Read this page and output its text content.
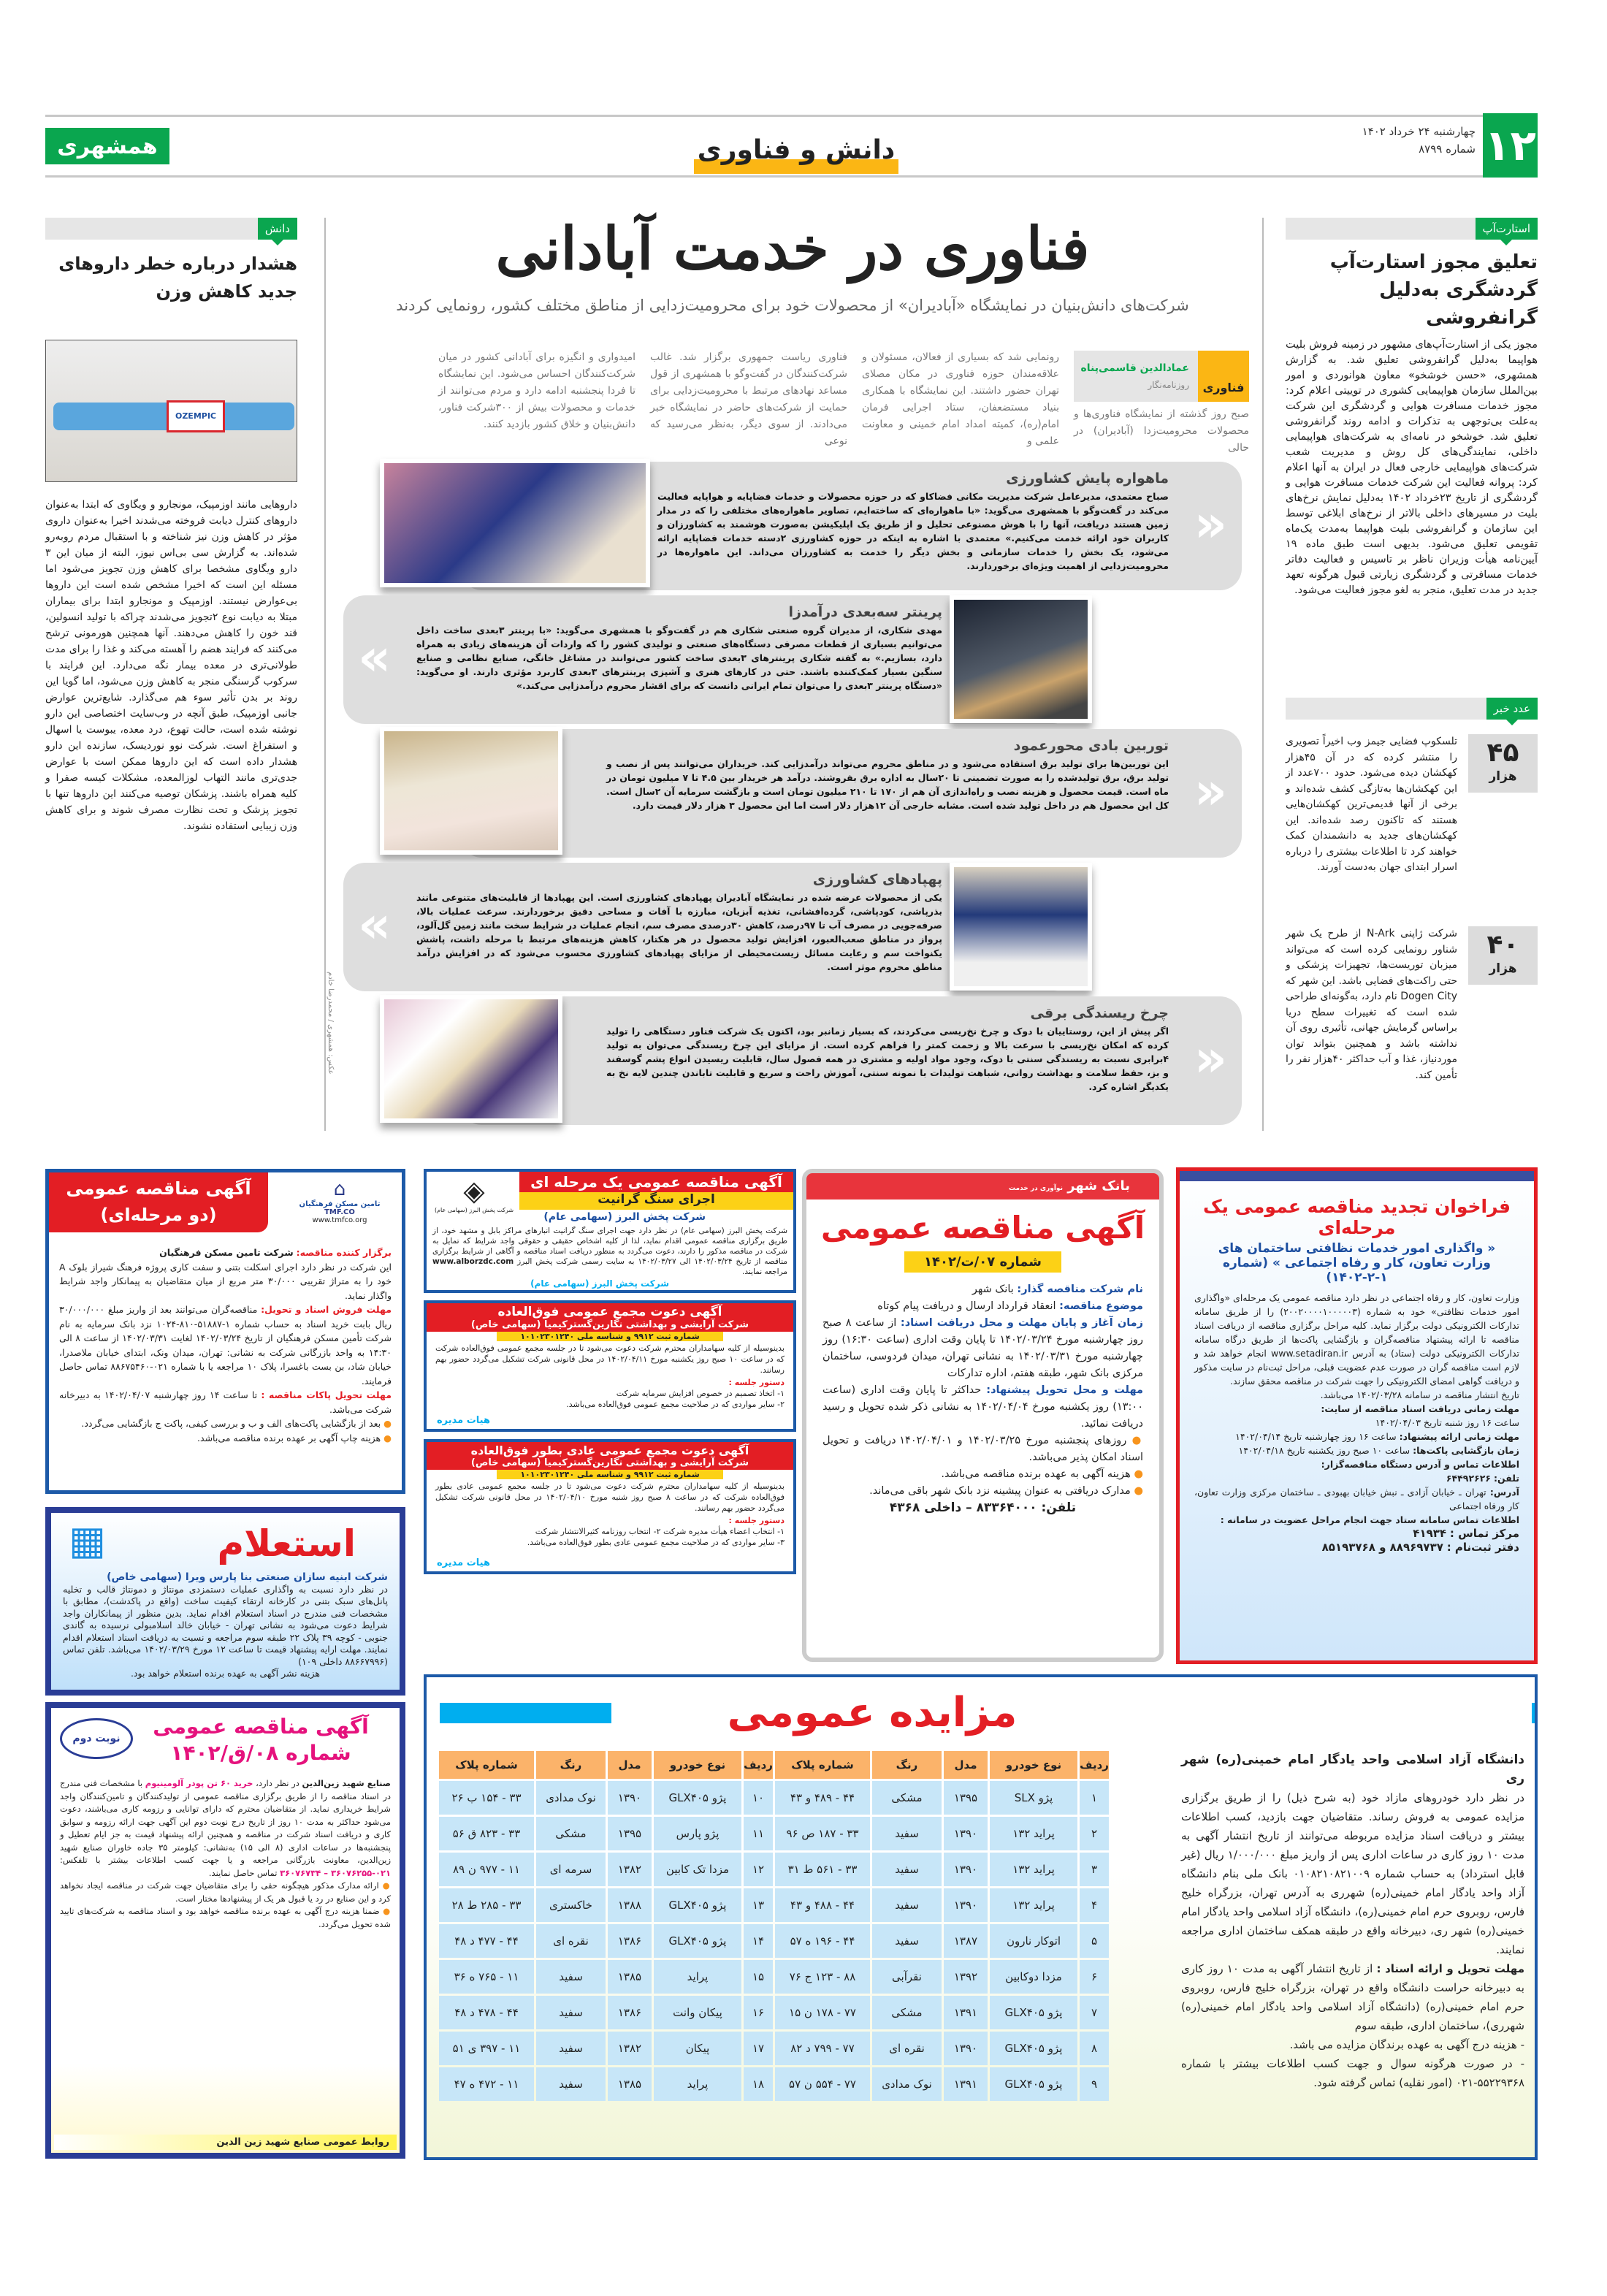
۱۲
چهارشنبه ۲۴ خرداد ۱۴۰۲
شماره ۸۷۹۹
همشهری	دانش و فناوری
استارت‌آپ
تعلیق مجوز استارت‌آپ گردشگری به‌دلیل گرانفروشی
مجوز یکی از استارت‌آپ‌های مشهور در زمینه فروش بلیت هواپیما به‌دلیل گرانفروشی تعلیق شد. به گزارش همشهری، «حسن خوشخو» معاون هوانوردی و امور بین‌الملل سازمان هواپیمایی کشوری در توییتی اعلام کرد: مجوز خدمات مسافرت هوایی و گردشگری این شرکت به‌علت بی‌توجهی به تذکرات و ادامه روند گرانفروشی تعلیق شد. خوشخو در نامه‌ای به شرکت‌های هواپیمایی داخلی، نمایندگی‌های کل روش و مدیریت شعب شرکت‌های هواپیمایی خارجی فعال در ایران به آنها اعلام کرد: پروانه فعالیت این شرکت خدمات مسافرت هوایی و گردشگری از تاریخ ۲۳خرداد ۱۴۰۲ به‌دلیل نمایش نرخ‌های بلیت در مسیرهای داخلی بالاتر از نرخ‌های ابلاغی توسط این سازمان و گرانفروشی بلیت هواپیما به‌مدت یک‌ماه تقویمی تعلیق می‌شود. بدیهی است طبق ماده ۱۹ آیین‌نامه هیأت وزیران ناظر بر تاسیس و فعالیت دفاتر خدمات مسافرتی و گردشگری زیارتی قبول هرگونه تعهد جدید در مدت تعلیق، منجر به لغو مجوز فعالیت می‌شود.
عدد خبر
۴۵
هزار
تلسکوپ فضایی جیمز وب اخیراً تصویری را منتشر کرده که در آن ۴۵هزار کهکشان دیده می‌شود. حدود ۷۰۰عدد از این کهکشان‌ها به‌تازگی کشف شده‌اند و برخی از آنها قدیمی‌ترین کهکشان‌هایی هستند که تاکنون رصد شده‌اند. این کهکشان‌های جدید به دانشمندان کمک خواهند کرد تا اطلاعات بیشتری را درباره اسرار ابتدای جهان به‌دست آورند.
۴۰
هزار
شرکت ژاپنی N-Ark از طرح یک شهر شناور رونمایی کرده است که می‌تواند میزبان توریست‌ها، تجهیزات پزشکی و حتی راکت‌های فضایی باشد. این شهر که Dogen City نام دارد، به‌گونه‌ای طراحی شده است که تغییرات سطح دریا براساس گرمایش جهانی، تأثیری روی آن نداشته باشد و همچنین بتواند توان موردنیاز، غذا و آب حداکثر ۴۰هزار نفر را تأمین کند.
فناوری در خدمت آبادانی
شرکت‌های دانش‌بنیان در نمایشگاه «آبادیران» از محصولات خود برای محرومیت‌زدایی از مناطق مختلف کشور، رونمایی کردند
فناوری
عمادالدین قاسمی‌پناه
روزنامه‌نگار
صبح روز گذشته از نمایشگاه فناوری‌ها و محصولات محرومیت‌زدا (آبادیران) در حالی
رونمایی شد که بسیاری از فعالان، مسئولان و علاقه‌مندان حوزه فناوری در مکان مصلای تهران حضور داشتند. این نمایشگاه با همکاری بنیاد مستضعفان، ستاد اجرایی فرمان امام(ره)، کمیته امداد امام خمینی و معاونت علمی و
فناوری ریاست جمهوری برگزار شد. غالب شرکت‌کنندگان در گفت‌وگو با همشهری از قول مساعد نهادهای مرتبط با محرومیت‌زدایی برای حمایت از شرکت‌های حاضر در نمایشگاه خبر می‌دادند. از سوی دیگر، به‌نظر می‌رسید که نوعی
امیدواری و انگیزه برای آبادانی کشور در میان شرکت‌کنندگان احساس می‌شود. این نمایشگاه تا فردا پنجشنبه ادامه دارد و مردم می‌توانند از خدمات و محصولات بیش از ۳۰۰شرکت فناور، دانش‌بنیان و خلاق کشور بازدید کنند.
«
ماهواره پایش کشاورزی
صباح معتمدی، مدیرعامل شرکت مدیریت مکانی فضاکاو که در حوزه محصولات و خدمات فضاپایه و هواپایه فعالیت می‌کند در گفت‌وگو با همشهری می‌گوید: «با ماهواره‌ای که ساخته‌ایم، تصاویر ماهواره‌های مختلفی را که در مدار زمین هستند دریافت، آنها را با هوش مصنوعی تحلیل و از طریق یک اپلیکیشن به‌صورت هوشمند به کشاورزان و کاربران خود ارائه خدمت می‌کنیم.» معتمدی با اشاره به اینکه در حوزه کشاورزی ۲دسته خدمات فضاپایه ارائه می‌شود، یک بخش را خدمات سازمانی و بخش دیگر را خدمت به کشاورزان می‌داند. این ماهواره‌ها در محرومیت‌زدایی از اهمیت ویژه‌ای برخوردارند.
»
پرینتر سه‌بعدی درآمدزا
مهدی شکاری، از مدیران گروه صنعتی شکاری هم در گفت‌وگو با همشهری می‌گوید: «با پرینتر ۳بعدی ساخت داخل می‌توانیم بسیاری از قطعات مصرفی دستگاه‌های صنعتی و تولیدی کشور را که واردات آن هزینه‌های زیادی به همراه دارد، بسازیم.» به گفته شکاری پرینترهای ۳بعدی ساخت کشور می‌توانند در مشاغل خانگی، صنایع نظامی و صنایع سنگین بسیار کمک‌کننده باشند. حتی در کارهای هنری و آشپزی پرینترهای ۳بعدی کاربرد مؤثری دارند. او می‌گوید: «دستگاه پرینتر ۳بعدی را می‌توان تمام ایرانی دانست که برای اقشار محروم درآمدزایی می‌کند.»
«
توربین بادی محورعمود
این توربین‌ها برای تولید برق استفاده می‌شود و در مناطق محروم می‌تواند درآمدزایی کند. خریداران می‌توانند پس از نصب و تولید برق، برق تولیدشده را به صورت تضمینی تا ۲۰سال به اداره برق بفروشند. درآمد هر خریدار بین ۴.۵ تا ۷ میلیون تومان در ماه است. قیمت محصول و هزینه نصب و راه‌اندازی آن هم از ۱۷۰ تا ۲۱۰ میلیون تومان است و بازگشت سرمایه آن ۲سال است. کل این محصول هم در داخل تولید شده است. مشابه خارجی آن ۱۲هزار دلار است اما این محصول ۳ هزار دلار قیمت دارد.
»
پهپادهای کشاورزی
یکی از محصولات عرضه شده در نمایشگاه آبادیران پهپادهای کشاورزی است. این پهپادها از قابلیت‌های متنوعی مانند بذرپاشی، کودپاشی، گرده‌افشانی، تغذیه آبزیان، مبارزه با آفات و مساحی دقیق برخوردارند. سرعت عملیات بالا، صرفه‌جویی در مصرف آب تا ۹۷درصد، کاهش ۳۰درصدی مصرف سم، انجام عملیات در شرایط سخت مانند زمین گل‌آلود، پرواز در مناطق صعب‌العبور، افزایش تولید محصول در هر هکتار، کاهش هزینه‌های مرتبط با مرحله داشت، پاشش یکنواخت سم و رعایت مسائل زیست‌محیطی از مزایای پهپادهای کشاورزی محسوب می‌شود که در افزایش درآمد مناطق محروم موثر است.
«
چرخ ریسندگی برقی
اگر پیش از این، روستاییان با دوک و چرخ نخ‌ریسی می‌کردند، که بسیار زمانبر بود، اکنون یک شرکت فناور دستگاهی را تولید کرده که امکان نخ‌ریسی با سرعت بالا و زحمت کمتر را فراهم کرده است. از مزایای این چرخ ریسندگی می‌توان به تولید ۴برابری نسبت به ریسندگی سنتی با دوک، وجود مواد اولیه و مشتری در همه فصول سال، قابلیت ریسیدن انواع پشم گوسفند و بز، حفظ سلامت و بهداشت روانی، شباهت تولیدات با نمونه سنتی، آموزش راحت و سریع و قابلیت تاباندن چندین لایه نخ به یکدیگر اشاره کرد.
عکس: همشهری / محمدرضا خادم
دانش
هشدار درباره خطر داروهای جدید کاهش وزن
OZEMPIC
داروهایی مانند اوزمپیک، مونجارو و ویگاوی که ابتدا به‌عنوان داروهای کنترل دیابت فروخته می‌شدند اخیرا به‌عنوان داروی مؤثر در کاهش وزن نیز شناخته و با استقبال مردم روبه‌رو شده‌اند. به گزارش سی بی‌اس نیوز، البته از میان این ۳ دارو ویگاوی مشخصا برای کاهش وزن تجویز می‌شود اما مسئله این است که اخیرا مشخص شده است این داروها بی‌عوارض نیستند. اوزمپیک و مونجارو ابتدا برای بیماران مبتلا به دیابت نوع ۲تجویز می‌شدند چراکه با تولید انسولین، قند خون را کاهش می‌دهند. آنها همچنین هورمونی ترشح می‌کنند که فرایند هضم را آهسته می‌کند و غذا را برای مدت طولانی‌تری در معده بیمار نگه می‌دارد. این فرایند با سرکوب گرسنگی منجر به کاهش وزن می‌شود، اما گویا این روند بر بدن تأثیر سوء هم می‌گذارد. شایع‌ترین عوارض جانبی اوزمپیک، طبق آنچه در وب‌سایت اختصاصی این دارو نوشته شده است، حالت تهوع، درد معده، یبوست یا اسهال و استفراغ است. شرکت نوو نوردیسک، سازنده این دارو هشدار داده است که این داروها ممکن است با عوارض جدی‌تری مانند التهاب لوزالمعده، مشکلات کیسه صفرا و کلیه همراه باشند. پزشکان توصیه می‌کنند این داروها تنها با تجویز پزشک و تحت نظارت مصرف شوند و برای کاهش وزن زیبایی استفاده نشوند.
فراخوان تجدید مناقصه عمومی یک مرحله‌ای
« واگذاری امور خدمات نظافتی ساختمان های وزارت تعاون، کار و رفاه اجتماعی » (شماره ۱-۲-۱۴۰۲)
وزارت تعاون، کار و رفاه اجتماعی در نظر دارد مناقصه عمومی یک مرحله‌ای «واگذاری امور خدمات نظافتی» خود به شماره (۲۰۰۲۰۰۰۰۱۰۰۰۰۰۳) را از طریق سامانه تدارکات الکترونیکی دولت برگزار نماید. کلیه مراحل برگزاری مناقصه از دریافت اسناد مناقصه تا ارائه پیشنهاد مناقصه‌گران و بازگشایی پاکت‌ها از طریق درگاه سامانه تدارکات الکترونیکی دولت (ستاد) به آدرس www.setadiran.ir انجام خواهد شد و لازم است مناقصه گران در صورت عدم عضویت قبلی، مراحل ثبت‌نام در سایت مذکور و دریافت گواهی امضای الکترونیکی را جهت شرکت در مناقصه محقق سازند.
تاریخ انتشار مناقصه در سامانه ۱۴۰۲/۰۳/۲۸ می‌باشد.
مهلت زمانی دریافت اسناد مناقصه از سایت:
ساعت ۱۶ روز شنبه تاریخ ۱۴۰۲/۰۴/۰۳
مهلت زمانی ارائه پیشنهاد: ساعت ۱۶ روز چهارشنبه تاریخ ۱۴۰۲/۰۴/۱۴
زمان بازگشایی پاکت‌ها: ساعت ۱۰ صبح روز یکشنبه تاریخ ۱۴۰۲/۰۴/۱۸
اطلاعات تماس و آدرس دستگاه مناقصه‌گزار:
تلفن: ۶۴۴۹۲۶۲۶
آدرس: تهران ـ خیابان آزادی ـ نبش خیابان بهبودی ـ ساختمان مرکزی وزارت تعاون، کار ورفاه اجتماعی
اطلاعات تماس سامانه ستاد جهت انجام مراحل عضویت در سامانه :
مرکز تماس : ۴۱۹۳۴
دفتر ثبت‌نام : ۸۸۹۶۹۷۳۷ و ۸۵۱۹۳۷۶۸
بانک شهر نوآوری در خدمت
آگهی مناقصه عمومی
شماره ۰۷/ت/۱۴۰۲
نام شرکت مناقصه گذار: بانک شهر
موضوع مناقصه: انعقاد قرارداد ارسال و دریافت پیام کوتاه
زمان آغاز و پایان مهلت و محل دریافت اسناد: از ساعت ۸ صبح روز چهارشنبه مورخ ۱۴۰۲/۰۳/۲۴ تا پایان وقت اداری (ساعت ۱۶:۳۰) روز چهارشنبه مورخ ۱۴۰۲/۰۳/۳۱ به نشانی تهران، میدان فردوسی، ساختمان مرکزی بانک شهر، طبقه هفتم، اداره تدارکات
مهلت و محل تحویل پیشنهاد: حداکثر تا پایان وقت اداری (ساعت ۱۳:۰۰) روز یکشنبه مورخ ۱۴۰۲/۰۴/۰۴ به نشانی ذکر شده تحویل و رسید دریافت نمائید.
● روزهای پنجشنبه مورخ ۱۴۰۲/۰۳/۲۵ و ۱۴۰۲/۰۴/۰۱ دریافت و تحویل اسناد امکان پذیر می‌باشد.
● هزینه آگهی به عهده برنده مناقصه می‌باشد.
● مدارک دریافتی به عنوان پیشینه نزد بانک شهر باقی می‌ماند.
تلفن: ۸۳۳۶۴۰۰۰ – داخلی ۴۳۶۸
آگهی مناقصه عمومی یک مرحله ای
اجرای سنگ گرانیت
◈
شرکت پخش البرز (سهامی عام)
شرکت پخش البرز (سهامی عام)
شرکت پخش البرز (سهامی عام) در نظر دارد جهت اجرای سنگ گرانیت انبارهای مراکز بابل و مشهد خود، از طریق برگزاری مناقصه عمومی اقدام نماید، لذا از کلیه اشخاص حقیقی و حقوقی واجد شرایط که تمایل به شرکت در مناقصه مذکور را دارند، دعوت می‌گردد به منظور دریافت اسناد مناقصه و آگاهی از شرایط برگزاری مناقصه از تاریخ ۱۴۰۲/۰۳/۲۴ الی ۱۴۰۲/۰۳/۲۷ به سایت رسمی شرکت پخش البرز www.alborzdc.com مراجعه نمایند.
شرکت پخش البرز (سهامی عام)
آگهی دعوت مجمع عمومی فوق‌العاده
شرکت آرایشی و بهداشتی نگارین‌گسترکیمیا (سهامی خاص)
شماره ثبت ۹۹۱۲ و شناسه ملی ۱۰۱۰۲۳۰۱۲۴۰
بدینوسیله از کلیه سهامداران محترم شرکت دعوت می‌شود تا در جلسه مجمع عمومی فوق‌العاده شرکت که در ساعت ۱۰ صبح روز یکشنبه مورخ ۱۴۰۲/۰۴/۱۱ در محل قانونی شرکت تشکیل می‌گردد حضور بهم رسانند.
دستور جلسه :
۱- اتخاذ تصمیم در خصوص افزایش سرمایه شرکت
۲- سایر مواردی که در صلاحیت مجمع عمومی فوق‌العاده می‌باشد.
هیات مدیره
آگهی دعوت مجمع عمومی عادی بطور فوق‌العاده
شرکت آرایشی و بهداشتی نگارین‌گسترکیمیا (سهامی خاص)
شماره ثبت ۹۹۱۲ و شناسه ملی ۱۰۱۰۲۳۰۱۲۴۰
بدینوسیله از کلیه سهامداران محترم شرکت دعوت می‌شود تا در جلسه مجمع عمومی عادی بطور فوق‌العاده شرکت که در ساعت ۸ صبح روز شنبه مورخ ۱۴۰۲/۰۴/۱۰ در محل قانونی شرکت تشکیل می‌گردد حضور بهم رسانند.
دستور جلسه :
۱- انتخاب اعضاء هیأت مدیره شرکت ۲- انتخاب روزنامه کثیرالانتشار شرکت
۳- سایر مواردی که در صلاحیت مجمع عمومی عادی بطور فوق‌العاده می‌باشد.
هیات مدیره
آگهی مناقصه عمومی
(دو مرحله‌ای)
⌂
تامین مسکن فرهنگیان
TMF.CO
www.tmfco.org
برگزار کننده مناقصه: شرکت تامین مسکن فرهنگیان
این شرکت در نظر دارد اجرای اسکلت بتنی و سفت کاری پروژه فرهنگ شیراز بلوک A خود را به متراژ تقریبی ۳۰/۰۰۰ متر مربع از میان متقاضیان به پیمانکار واجد شرایط واگذار نماید.
مهلت فروش اسناد و تحویل: مناقصه‌گران می‌توانند بعد از واریز مبلغ ۳۰/۰۰۰/۰۰۰ ریال بابت خرید اسناد به حساب شماره ۱-۵۱۸۸۷-۸۱۰-۱۰۲۴ نزد بانک سرمایه به نام شرکت تأمین مسکن فرهنگیان از تاریخ ۱۴۰۲/۰۳/۲۴ لغایت ۱۴۰۲/۰۳/۳۱ از ساعت ۸ الی ۱۴:۳۰ به واحد بازرگانی شرکت به نشانی: تهران، میدان ونک، ابتدای خیابان ملاصدرا، خیابان شاد، بن بست باغسرا، پلاک ۱۰ مراجعه یا با شماره ۰۲۱-۸۸۶۷۵۴۶۰ تماس حاصل فرمایند.
مهلت تحویل پاکات مناقصه : تا ساعت ۱۴ روز چهارشنبه ۱۴۰۲/۰۴/۰۷ به دبیرخانه شرکت می‌باشد.
● بعد از بازگشایی پاکت‌های الف و ب و بررسی کیفی، پاکت ج بازگشایی می‌گردد.
● هزینه چاپ آگهی بر عهده برنده مناقصه می‌باشد.
▦	استعلام
شرکت ابنیه سازان صنعتی بنا پارس ویرا (سهامی خاص)
در نظر دارد نسبت به واگذاری عملیات دستمزدی مونتاژ و دمونتاژ قالب و تخلیه پانل‌های سبک بتنی در کارخانه ارتقاء کیفیت ساخت (واقع در پاکدشت)، مطابق با مشخصات فنی مندرج در اسناد استعلام اقدام نماید. بدین منظور از پیمانکاران واجد شرایط دعوت می‌شود به نشانی تهران - خیابان خالد اسلامبولی نرسیده به گاندی جنوبی - کوچه ۳۹ پلاک ۲۲ طبقه سوم مراجعه و نسبت به دریافت اسناد استعلام اقدام نمایند. مهلت ارایه پیشنهاد قیمت تا ساعت ۱۲ مورخ ۱۴۰۲/۰۳/۲۹ می‌باشد. تلفن تماس (۸۸۶۶۷۹۹۶ داخلی ۱۰۹)
هزینه نشر آگهی به عهده برنده استعلام خواهد بود.
نوبت دوم	آگهی مناقصه عمومی
شماره ۰۸/ق/۱۴۰۲
صنایع شهید زین‌الدین در نظر دارد، خرید ۶۰ تن پودر آلومینیوم با مشخصات فنی مندرج در اسناد مناقصه را از طریق برگزاری مناقصه عمومی از تولیدکنندگان و تامین‌کنندگان واجد شرایط خریداری نماید. از متقاضیان محترم که دارای توانایی و رزومه کاری می‌باشند، دعوت می‌شود حداکثر به مدت ۱۰ روز از تاریخ درج نوبت دوم این آگهی جهت ارائه رزومه و سوابق کاری و دریافت اسناد شرکت در مناقصه و همچنین ارائه پیشنهاد قیمت به جز ایام تعطیل و پنجشنبه‌ها در ساعات اداری (۸ الی ۱۵) به‌نشانی: کیلومتر ۳۵ جاده خاوران صنایع شهید زین‌الدین، معاونت بازرگانی مراجعه و یا جهت کسب اطلاعات بیشتر با تلفکس: ۰۲۱-۳۶۰۷۶۲۵۵ – ۳۶۰۷۶۷۳۴ تماس حاصل نمایند.
● ارائه مدارک مذکور هیچگونه حقی را برای متقاضیان جهت شرکت در مناقصه ایجاد نخواهد کرد و این صنایع در رد یا قبول هر یک از پیشنهادها مختار است.
● ضمنا هزینه درج آگهی به عهده برنده مناقصه خواهد بود و اسناد مناقصه به شرکت‌های تایید شده تحویل می‌گردد.
روابط عمومی صنایع شهید زین الدین
مزایده عمومی
ردیف	نوع خودرو	مدل	رنگ	شماره پلاک	ردیف	نوع خودرو	مدل	رنگ	شماره پلاک
۱	پژو SLX	۱۳۹۵	مشکی	۴۴ - ۴۸۹ و ۴۳	۱۰	پژو GLX۴۰۵	۱۳۹۰	نوک مدادی	۳۳ - ۱۵۴ ب ۲۶
۲	پراید ۱۳۲	۱۳۹۰	سفید	۳۳ - ۱۸۷ ص ۹۶	۱۱	پژو پارس	۱۳۹۵	مشکی	۳۳ - ۸۲۳ ق ۵۶
۳	پراید ۱۳۲	۱۳۹۰	سفید	۳۳ - ۵۶۱ ط ۳۱	۱۲	مزدا تک کابین	۱۳۸۲	سرمه ای	۱۱ - ۹۷۷ ن ۸۹
۴	پراید ۱۳۲	۱۳۹۰	سفید	۴۴ - ۴۸۸ و ۴۳	۱۳	پژو GLX۴۰۵	۱۳۸۸	خاکستری	۳۳ - ۲۸۵ ط ۲۸
۵	اتوکار نارون	۱۳۸۷	سفید	۴۴ - ۱۹۶ ه ۵۷	۱۴	پژو GLX۴۰۵	۱۳۸۶	نقره ای	۴۴ - ۴۷۷ د ۴۸
۶	مزدا دوکابین	۱۳۹۲	نقرآبی	۸۸ - ۱۲۳ ج ۷۶	۱۵	پراید	۱۳۸۵	سفید	۱۱ - ۷۶۵ ه ۳۶
۷	پژو GLX۴۰۵	۱۳۹۱	مشکی	۷۷ - ۱۷۸ ن ۱۵	۱۶	پیکان وانت	۱۳۸۶	سفید	۴۴ - ۴۷۸ د ۴۸
۸	پژو GLX۴۰۵	۱۳۹۰	نقره ای	۷۷ - ۷۹۹ د ۸۲	۱۷	پیکان	۱۳۸۲	سفید	۱۱ - ۳۹۷ ی ۵۱
۹	پژو GLX۴۰۵	۱۳۹۱	نوک مدادی	۷۷ - ۵۵۴ ن ۵۷	۱۸	پراید	۱۳۸۵	سفید	۱۱ - ۴۷۲ ه ۴۷
دانشگاه آزاد اسلامی واحد یادگار امام خمینی(ره) شهر ری
در نظر دارد خودروهای مازاد خود (به شرح ذیل) را از طریق برگزاری مزایده عمومی به فروش رساند. متقاضیان جهت بازدید، کسب اطلاعات بیشتر و دریافت اسناد مزایده مربوطه می‌توانند از تاریخ انتشار آگهی به مدت ۱۰ روز کاری در ساعات اداری پس از واریز مبلغ ۱/۰۰۰/۰۰۰ ریال (غیر قابل استرداد) به حساب شماره ۰۱۰۸۲۱۰۸۲۱۰۰۹ بانک ملی بنام دانشگاه آزاد واحد یادگار امام خمینی(ره) شهرری به آدرس تهران، بزرگراه خلیج فارس، روبروی حرم امام خمینی(ره)، دانشگاه آزاد اسلامی واحد یادگار امام خمینی(ره) شهر ری، دبیرخانه واقع در طبقه همکف ساختمان اداری مراجعه نمایند.
مهلت تحویل و ارائه اسناد : از تاریخ انتشار آگهی به مدت ۱۰ روز کاری به دبیرخانه حراست دانشگاه واقع در تهران، بزرگراه خلیج فارس، روبروی حرم امام خمینی(ره) (دانشگاه آزاد اسلامی واحد یادگار امام خمینی(ره) شهرری)، ساختمان اداری، طبقه سوم
- هزینه درج آگهی به عهده برندگان مزایده می باشد.
- در صورت هرگونه سوال و جهت کسب اطلاعات بیشتر با شماره ۵۵۲۲۹۳۶۸-۰۲۱ (امور نقلیه) تماس گرفته شود.
